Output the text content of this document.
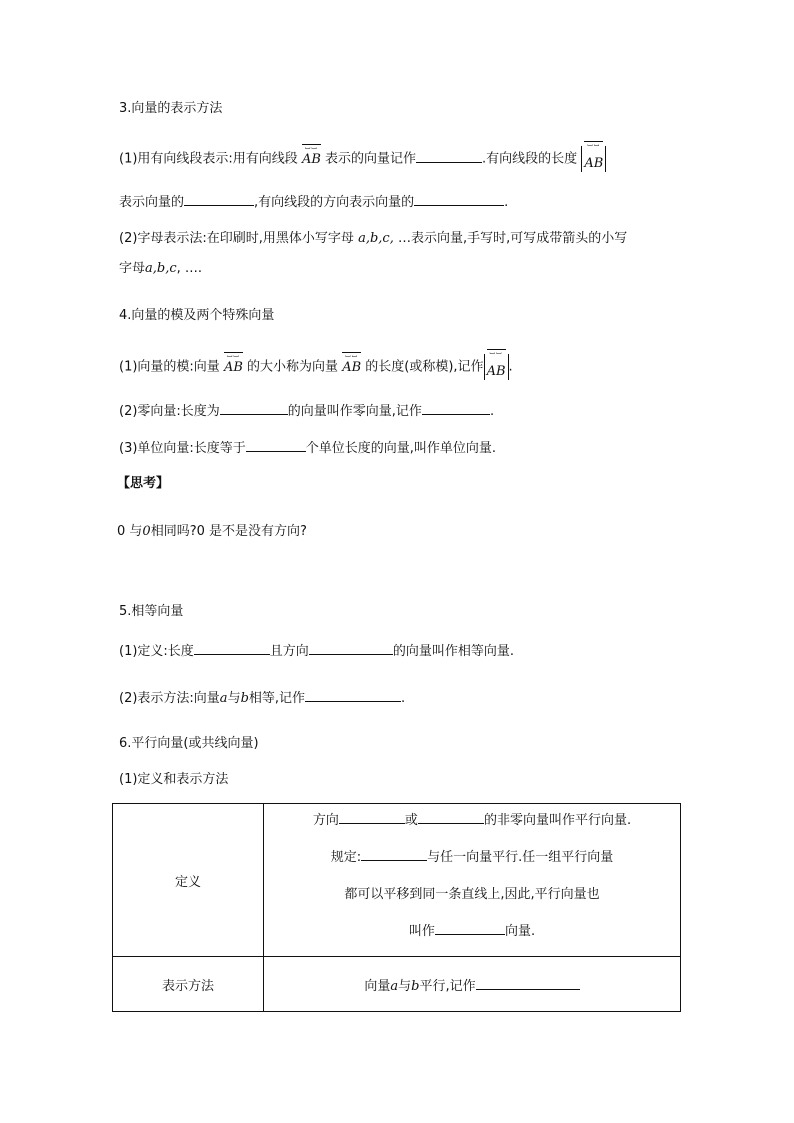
3.向量的表示方法
(1)用有向线段表示:用有向线段
⌴⌴
AB 表示的向量记作	.有向线段的长度
⌴⌴
AB
表示向量的	,有向线段的方向表示向量的	.
(2)字母表示法:在印刷时,用黑体小写字母 a,b,c, …表示向量,手写时,可写成带箭头的小写
字母a,b,c, ….
4.向量的模及两个特殊向量
(1)向量的模:向量
⌴⌴
AB 的大小称为向量
⌴⌴
AB 的长度(或称模),记作
⌴⌴
AB .
(2)零向量:长度为	的向量叫作零向量,记作	.
(3)单位向量:长度等于	个单位长度的向量,叫作单位向量.
【思考】
0 与0相同吗?0 是不是没有方向?
5.相等向量
(1)定义:长度	且方向	的向量叫作相等向量.
(2)表示方法:向量a与b相等,记作	.
6.平行向量(或共线向量)
(1)定义和表示方法
定义	方向 或 的非零向量叫作平行向量.
规定: 与任一向量平行.任一组平行向量
都可以平移到同一条直线上,因此,平行向量也
叫作 向量.

表示方法	向量a与b平行,记作
